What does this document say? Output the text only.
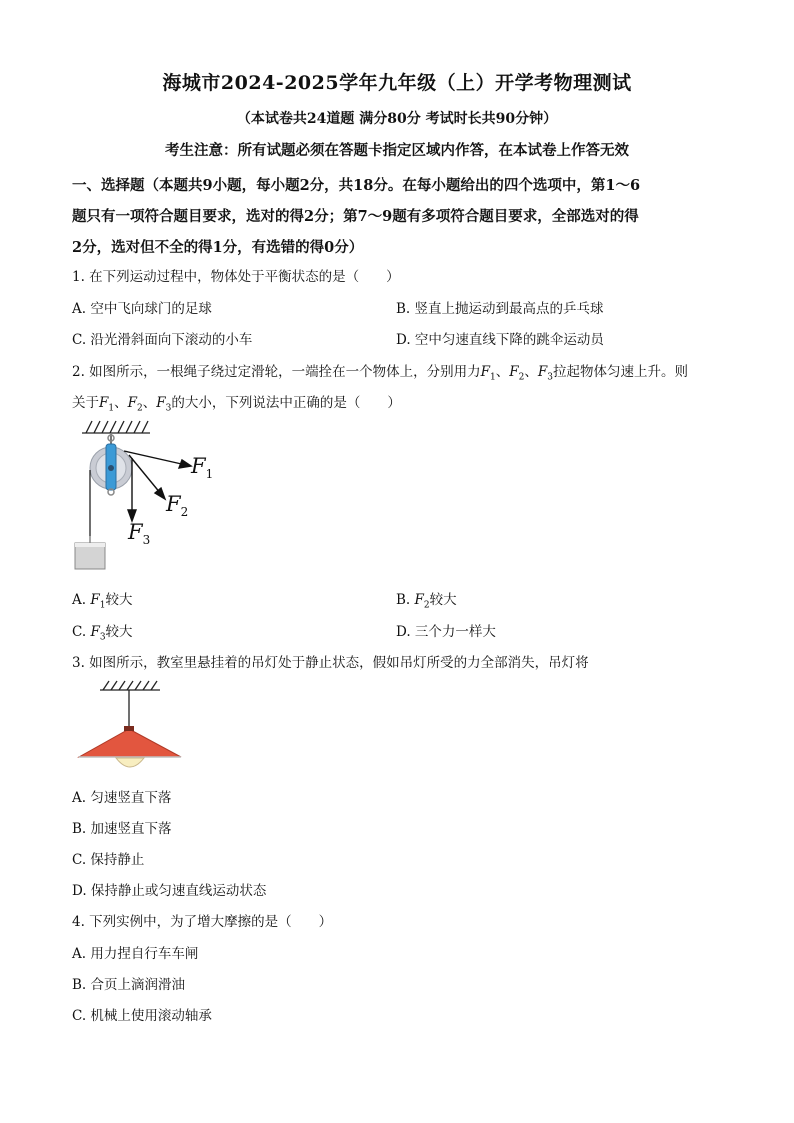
海城市2024-2025学年九年级（上）开学考物理测试
（本试卷共24道题 满分80分 考试时长共90分钟）
考生注意：所有试题必须在答题卡指定区域内作答，在本试卷上作答无效
一、选择题（本题共9小题，每小题2分，共18分。在每小题给出的四个选项中，第1～6
题只有一项符合题目要求，选对的得2分；第7～9题有多项符合题目要求，全部选对的得
2分，选对但不全的得1分，有选错的得0分）
1. 在下列运动过程中，物体处于平衡状态的是（　　）
A. 空中飞向球门的足球	B. 竖直上抛运动到最高点的乒乓球
C. 沿光滑斜面向下滚动的小车	D. 空中匀速直线下降的跳伞运动员
2. 如图所示，一根绳子绕过定滑轮，一端拴在一个物体上，分别用力$F_1$、$F_2$、$F_3$拉起物体匀速上升。则
关于$F_1$、$F_2$、$F_3$的大小，下列说法中正确的是（　　）
$F_1$
$F_2$
$F_3$
A. $F_1$较大	B. $F_2$较大
C. $F_3$较大	D. 三个力一样大
3. 如图所示，教室里悬挂着的吊灯处于静止状态，假如吊灯所受的力全部消失，吊灯将
A. 匀速竖直下落
B. 加速竖直下落
C. 保持静止
D. 保持静止或匀速直线运动状态
4. 下列实例中，为了增大摩擦的是（　　）
A. 用力捏自行车车闸
B. 合页上滴润滑油
C. 机械上使用滚动轴承
